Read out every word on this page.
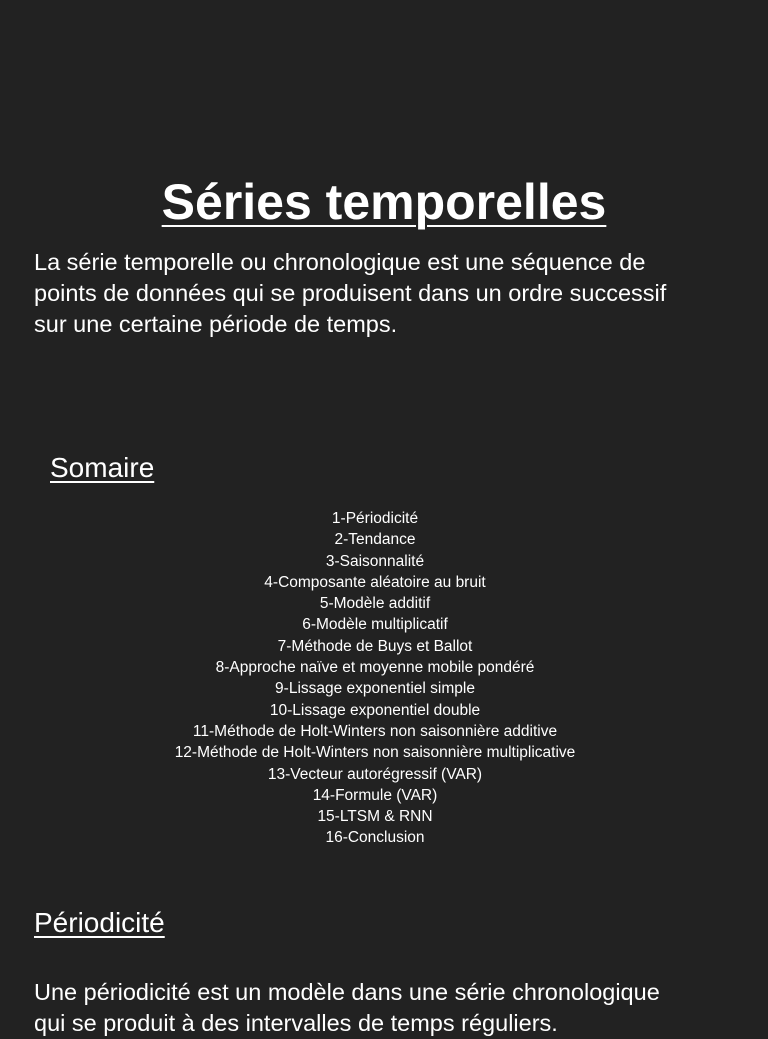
Séries temporelles

La série temporelle ou chronologique est une séquence de
points de données qui se produisent dans un ordre successif
sur une certaine période de temps.

Somaire
1-Périodicité
2-Tendance
3-Saisonnalité
4-Composante aléatoire au bruit
5-Modèle additif
6-Modèle multiplicatif
7-Méthode de Buys et Ballot
8-Approche naïve et moyenne mobile pondéré
9-Lissage exponentiel simple
10-Lissage exponentiel double
11-Méthode de Holt-Winters non saisonnière additive
12-Méthode de Holt-Winters non saisonnière multiplicative
13-Vecteur autorégressif (VAR)
14-Formule (VAR)
15-LTSM & RNN
16-Conclusion
Périodicité

Une périodicité est un modèle dans une série chronologique
qui se produit à des intervalles de temps réguliers.
